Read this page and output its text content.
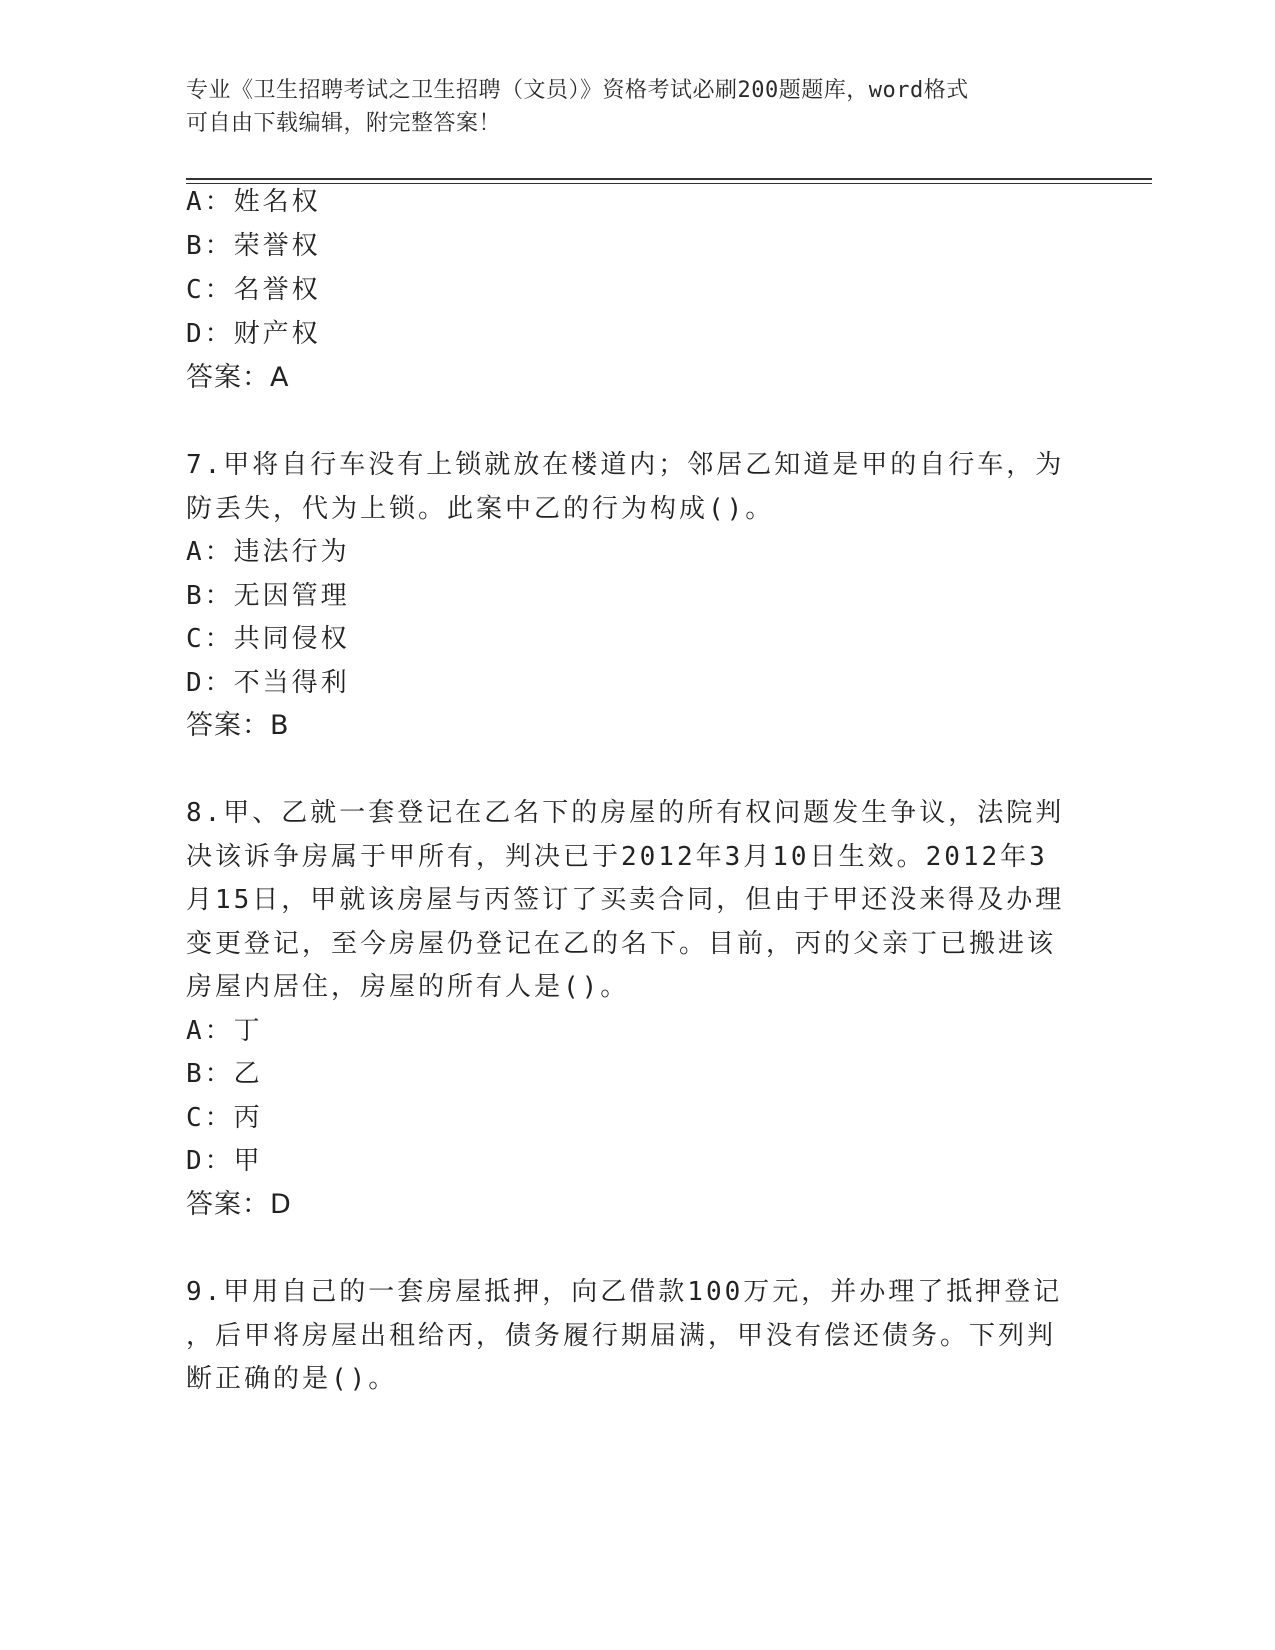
专业《卫生招聘考试之卫生招聘（文员）》资格考试必刷200题题库，word格式
可自由下载编辑，附完整答案！
A：姓名权
B：荣誉权
C：名誉权
D：财产权
答案：A
7.甲将自行车没有上锁就放在楼道内；邻居乙知道是甲的自行车，为
防丢失，代为上锁。此案中乙的行为构成()。
A：违法行为
B：无因管理
C：共同侵权
D：不当得利
答案：B
8.甲、乙就一套登记在乙名下的房屋的所有权问题发生争议，法院判
决该诉争房属于甲所有，判决已于2012年3月10日生效。2012年3
月15日，甲就该房屋与丙签订了买卖合同，但由于甲还没来得及办理
变更登记，至今房屋仍登记在乙的名下。目前，丙的父亲丁已搬进该
房屋内居住，房屋的所有人是()。
A：丁
B：乙
C：丙
D：甲
答案：D
9.甲用自己的一套房屋抵押，向乙借款100万元，并办理了抵押登记
，后甲将房屋出租给丙，债务履行期届满，甲没有偿还债务。下列判
断正确的是()。
